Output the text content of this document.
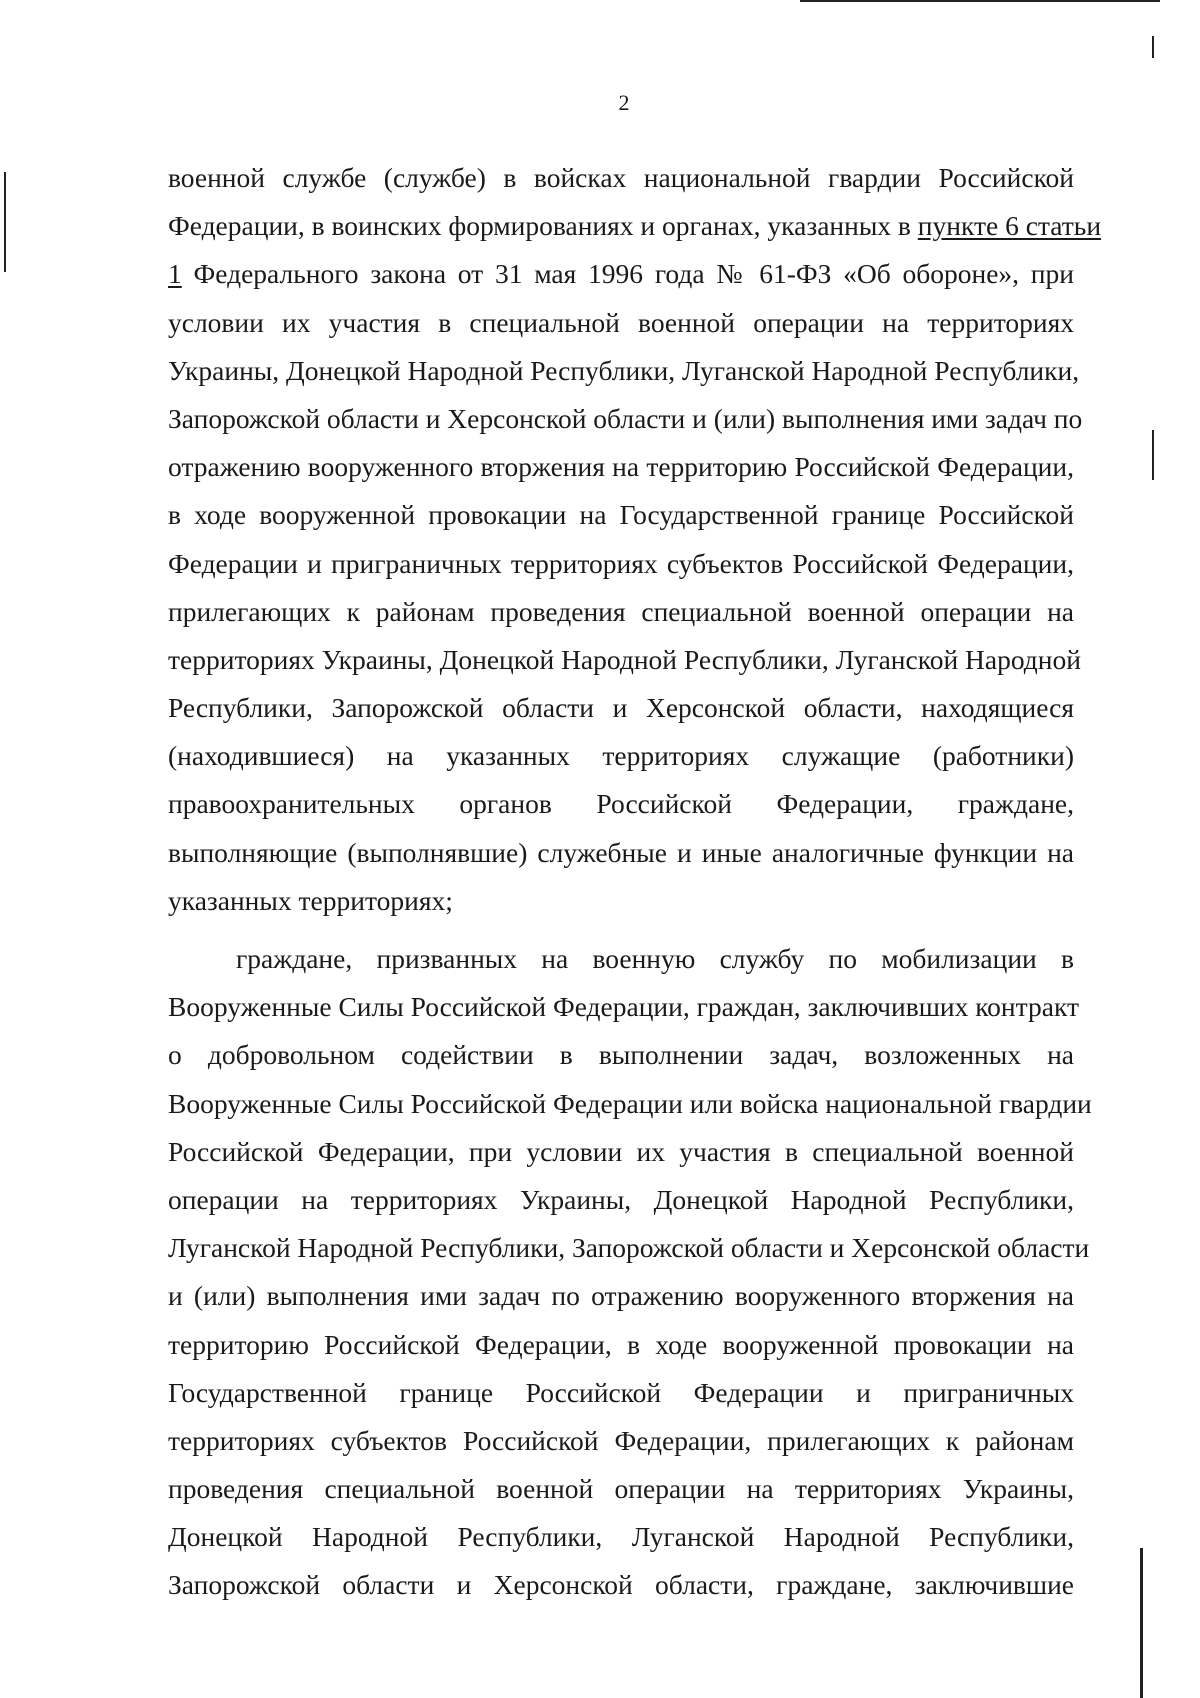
2
военной службе (службе) в войсках национальной гвардии Российской
Федерации, в воинских формированиях и органах, указанных в пункте 6 статьи
1 Федерального закона от 31 мая 1996 года № 61-ФЗ «Об обороне», при
условии их участия в специальной военной операции на территориях
Украины, Донецкой Народной Республики, Луганской Народной Республики,
Запорожской области и Херсонской области и (или) выполнения ими задач по
отражению вооруженного вторжения на территорию Российской Федерации,
в ходе вооруженной провокации на Государственной границе Российской
Федерации и приграничных территориях субъектов Российской Федерации,
прилегающих к районам проведения специальной военной операции на
территориях Украины, Донецкой Народной Республики, Луганской Народной
Республики, Запорожской области и Херсонской области, находящиеся
(находившиеся) на указанных территориях служащие (работники)
правоохранительных органов Российской Федерации, граждане,
выполняющие (выполнявшие) служебные и иные аналогичные функции на
указанных территориях;
граждане, призванных на военную службу по мобилизации в
Вооруженные Силы Российской Федерации, граждан, заключивших контракт
о добровольном содействии в выполнении задач, возложенных на
Вооруженные Силы Российской Федерации или войска национальной гвардии
Российской Федерации, при условии их участия в специальной военной
операции на территориях Украины, Донецкой Народной Республики,
Луганской Народной Республики, Запорожской области и Херсонской области
и (или) выполнения ими задач по отражению вооруженного вторжения на
территорию Российской Федерации, в ходе вооруженной провокации на
Государственной границе Российской Федерации и приграничных
территориях субъектов Российской Федерации, прилегающих к районам
проведения специальной военной операции на территориях Украины,
Донецкой Народной Республики, Луганской Народной Республики,
Запорожской области и Херсонской области, граждане, заключившие
